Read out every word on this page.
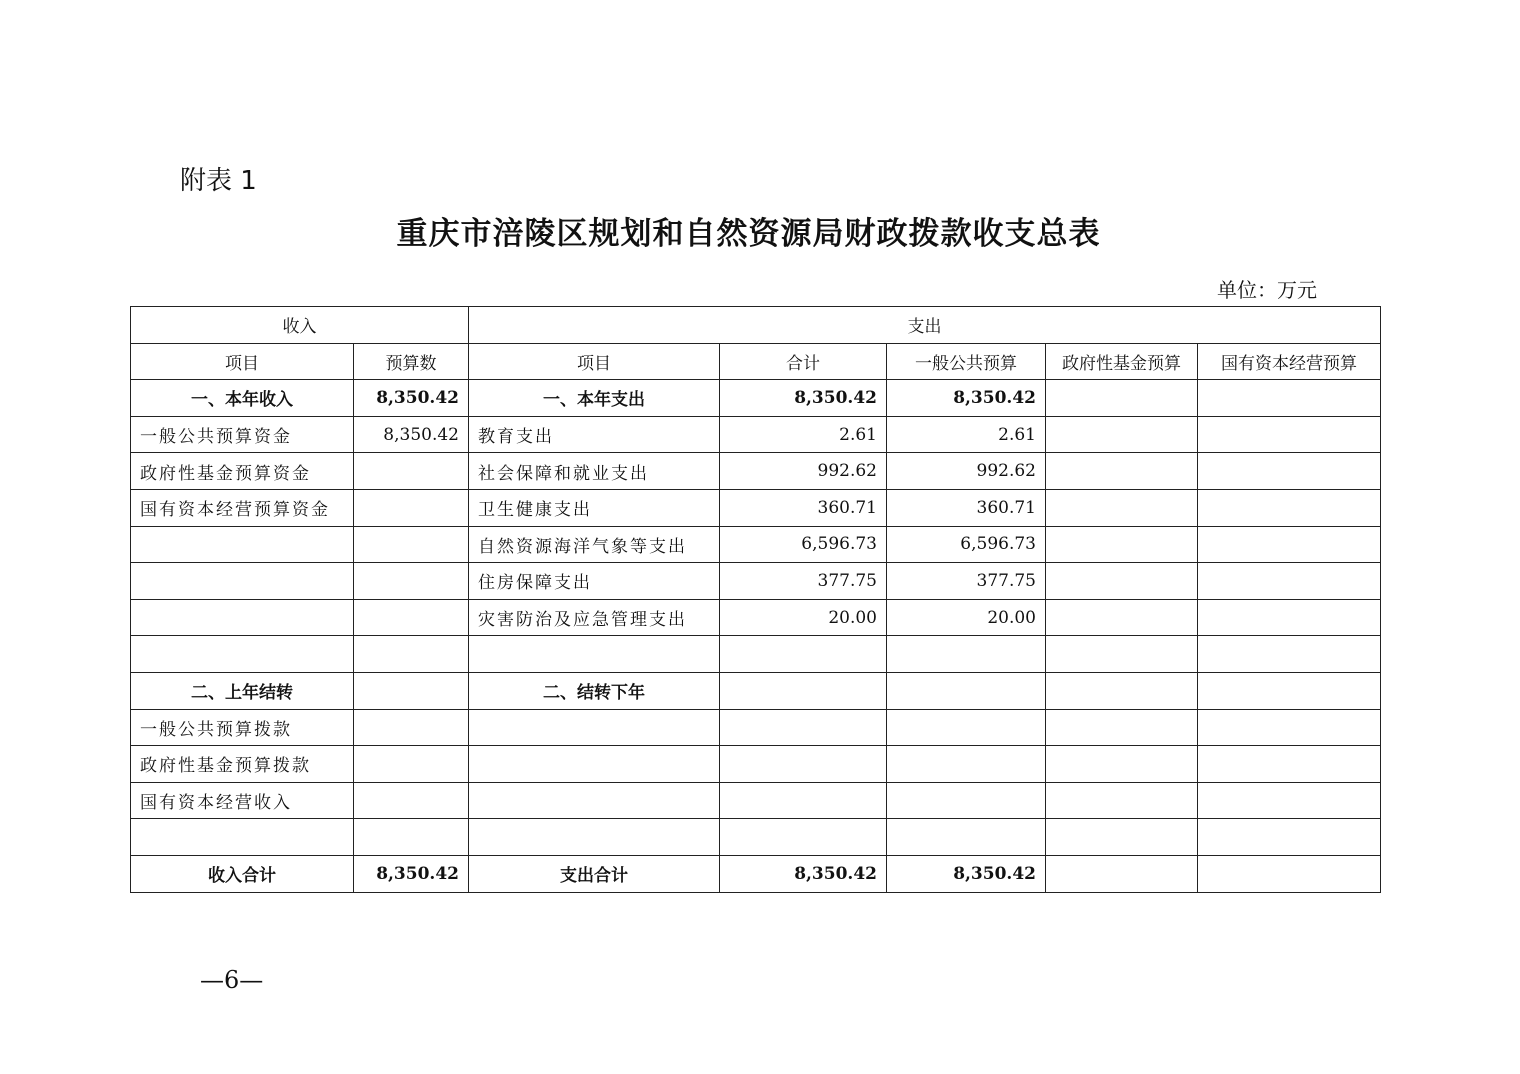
附表 1
重庆市涪陵区规划和自然资源局财政拨款收支总表
单位：万元
收入		支出				
项目	预算数	项目	合计	一般公共预算	政府性基金预算	国有资本经营预算
一、本年收入	8,350.42	一、本年支出	8,350.42	8,350.42		
一般公共预算资金	8,350.42	教育支出	2.61	2.61		
政府性基金预算资金		社会保障和就业支出	992.62	992.62		
国有资本经营预算资金		卫生健康支出	360.71	360.71		
		自然资源海洋气象等支出	6,596.73	6,596.73		
		住房保障支出	377.75	377.75		
		灾害防治及应急管理支出	20.00	20.00		

二、上年结转		二、结转下年				
一般公共预算拨款						
政府性基金预算拨款						
国有资本经营收入						

收入合计	8,350.42	支出合计	8,350.42	8,350.42		
—6—
